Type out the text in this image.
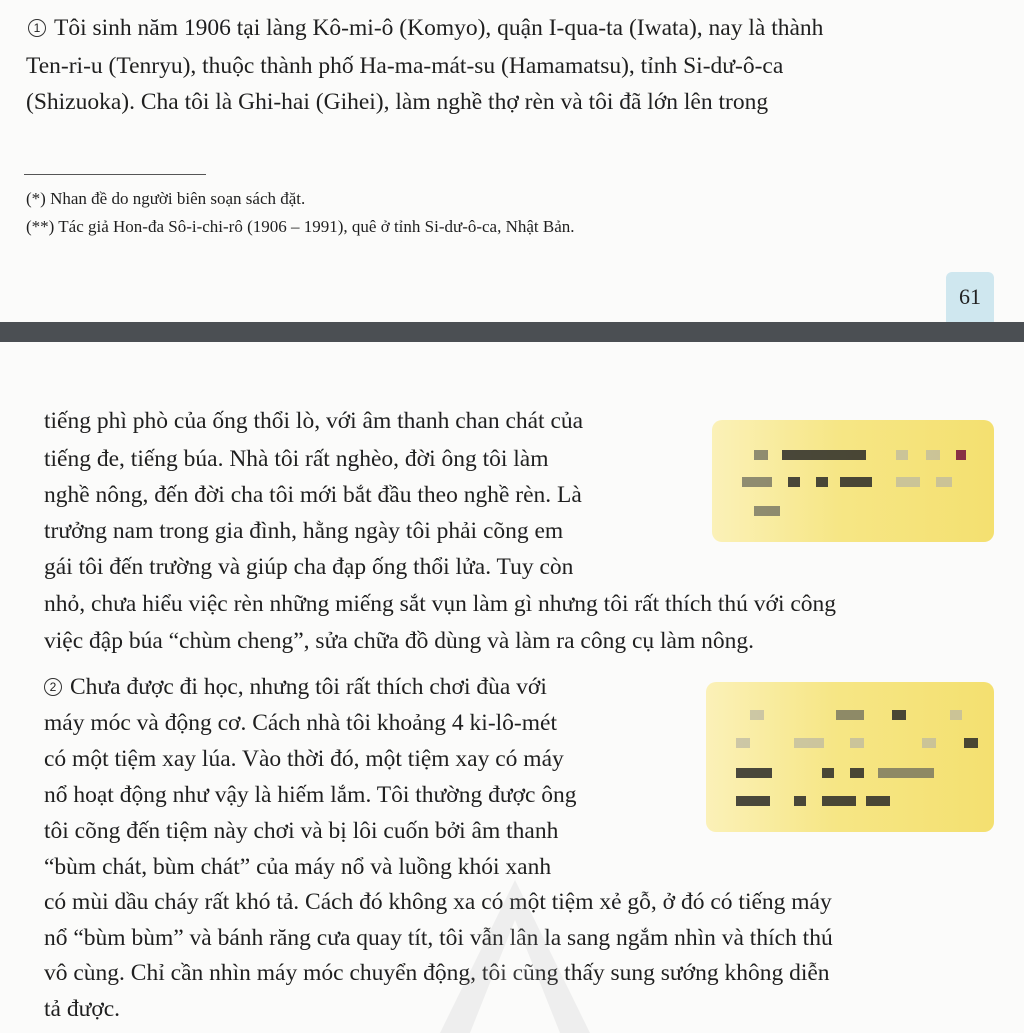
1 Tôi sinh năm 1906 tại làng Kô-mi-ô (Komyo), quận I-qua-ta (Iwata), nay là thành
Ten-ri-u (Tenryu), thuộc thành phố Ha-ma-mát-su (Hamamatsu), tỉnh Si-dư-ô-ca
(Shizuoka). Cha tôi là Ghi-hai (Gihei), làm nghề thợ rèn và tôi đã lớn lên trong
(*) Nhan đề do người biên soạn sách đặt.
(**) Tác giả Hon-đa Sô-i-chi-rô (1906 – 1991), quê ở tỉnh Si-dư-ô-ca, Nhật Bản.
61
tiếng phì phò của ống thổi lò, với âm thanh chan chát của
tiếng đe, tiếng búa. Nhà tôi rất nghèo, đời ông tôi làm
nghề nông, đến đời cha tôi mới bắt đầu theo nghề rèn. Là
trưởng nam trong gia đình, hằng ngày tôi phải cõng em
gái tôi đến trường và giúp cha đạp ống thổi lửa. Tuy còn
nhỏ, chưa hiểu việc rèn những miếng sắt vụn làm gì nhưng tôi rất thích thú với công
việc đập búa “chùm cheng”, sửa chữa đồ dùng và làm ra công cụ làm nông.
2 Chưa được đi học, nhưng tôi rất thích chơi đùa với
máy móc và động cơ. Cách nhà tôi khoảng 4 ki-lô-mét
có một tiệm xay lúa. Vào thời đó, một tiệm xay có máy
nổ hoạt động như vậy là hiếm lắm. Tôi thường được ông
tôi cõng đến tiệm này chơi và bị lôi cuốn bởi âm thanh
“bùm chát, bùm chát” của máy nổ và luồng khói xanh
có mùi dầu cháy rất khó tả. Cách đó không xa có một tiệm xẻ gỗ, ở đó có tiếng máy
nổ “bùm bùm” và bánh răng cưa quay tít, tôi vẫn lân la sang ngắm nhìn và thích thú
vô cùng. Chỉ cần nhìn máy móc chuyển động, tôi cũng thấy sung sướng không diễn
tả được.
